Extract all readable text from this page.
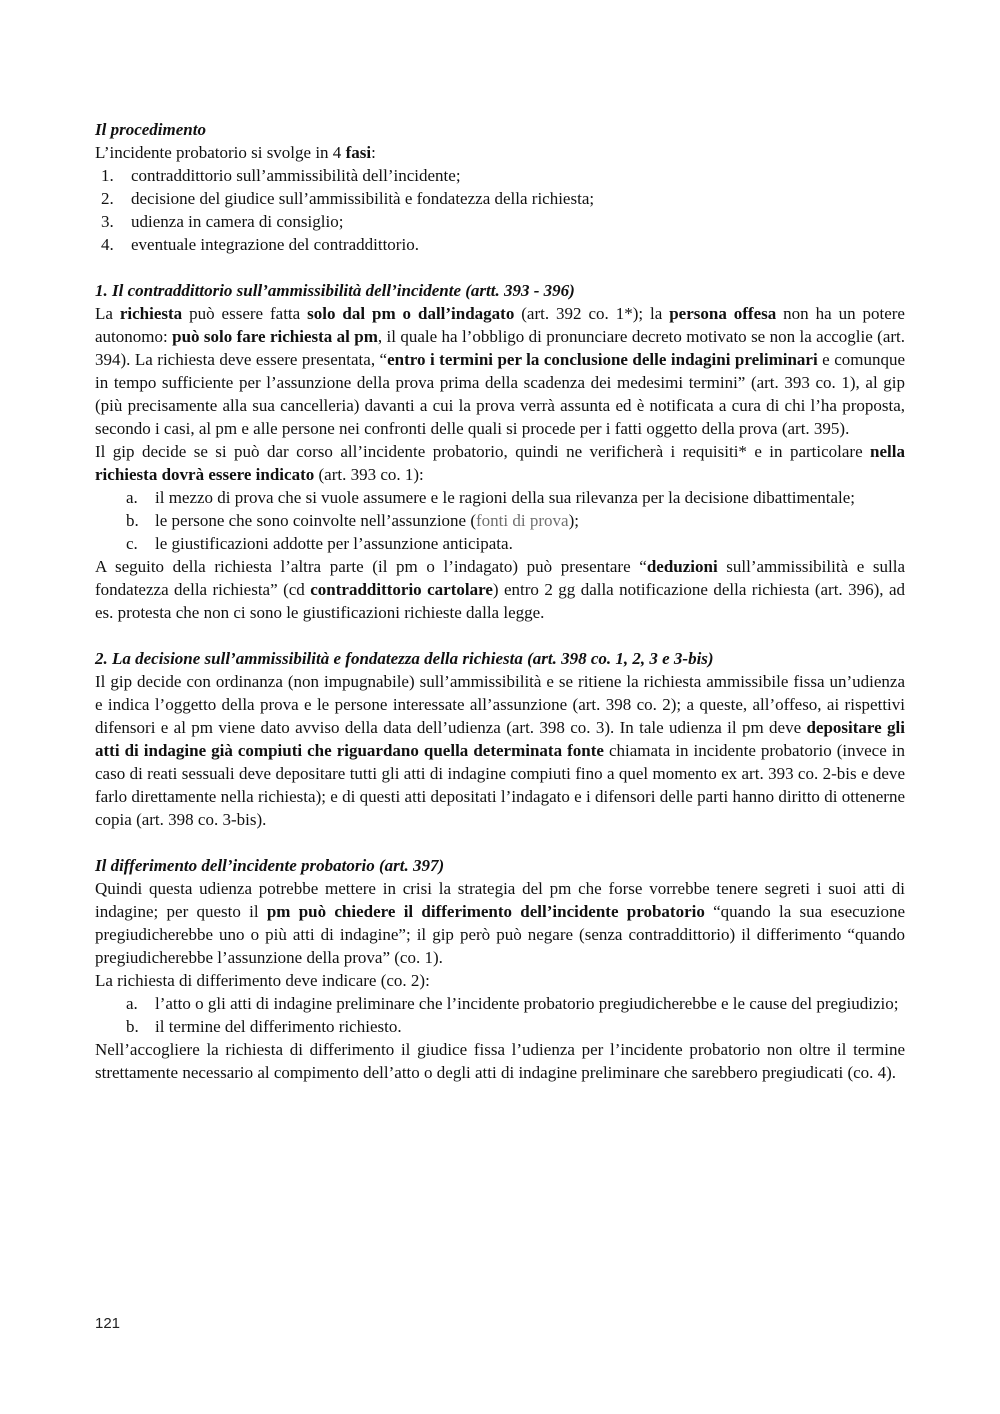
Il procedimento

L’incidente probatorio si svolge in 4 fasi:

1. contraddittorio sull’ammissibilità dell’incidente;
2. decisione del giudice sull’ammissibilità e fondatezza della richiesta;
3. udienza in camera di consiglio;
4. eventuale integrazione del contraddittorio.

1. Il contraddittorio sull’ammissibilità dell’incidente (artt. 393 - 396)

La richiesta può essere fatta solo dal pm o dall’indagato (art. 392 co. 1*); la persona offesa non ha un potere autonomo: può solo fare richiesta al pm, il quale ha l’obbligo di pronunciare decreto motivato se non la accoglie (art. 394). La richiesta deve essere presentata, “entro i termini per la conclusione delle indagini preliminari e comunque in tempo sufficiente per l’assunzione della prova prima della scadenza dei medesimi termini” (art. 393 co. 1), al gip (più precisamente alla sua cancelleria) davanti a cui la prova verrà assunta ed è notificata a cura di chi l’ha proposta, secondo i casi, al pm e alle persone nei confronti delle quali si procede per i fatti oggetto della prova (art. 395).

Il gip decide se si può dar corso all’incidente probatorio, quindi ne verificherà i requisiti* e in particolare nella richiesta dovrà essere indicato (art. 393 co. 1):

a. il mezzo di prova che si vuole assumere e le ragioni della sua rilevanza per la decisione dibattimentale;
b. le persone che sono coinvolte nell’assunzione (fonti di prova);
c. le giustificazioni addotte per l’assunzione anticipata.

A seguito della richiesta l’altra parte (il pm o l’indagato) può presentare “deduzioni sull’ammissibilità e sulla fondatezza della richiesta” (cd contraddittorio cartolare) entro 2 gg dalla notificazione della richiesta (art. 396), ad es. protesta che non ci sono le giustificazioni richieste dalla legge.

2. La decisione sull’ammissibilità e fondatezza della richiesta (art. 398 co. 1, 2, 3 e 3-bis)

Il gip decide con ordinanza (non impugnabile) sull’ammissibilità e se ritiene la richiesta ammissibile fissa un’udienza e indica l’oggetto della prova e le persone interessate all’assunzione (art. 398 co. 2); a queste, all’offeso, ai rispettivi difensori e al pm viene dato avviso della data dell’udienza (art. 398 co. 3). In tale udienza il pm deve depositare gli atti di indagine già compiuti che riguardano quella determinata fonte chiamata in incidente probatorio (invece in caso di reati sessuali deve depositare tutti gli atti di indagine compiuti fino a quel momento ex art. 393 co. 2-bis e deve farlo direttamente nella richiesta); e di questi atti depositati l’indagato e i difensori delle parti hanno diritto di ottenerne copia (art. 398 co. 3-bis).

Il differimento dell’incidente probatorio (art. 397)

Quindi questa udienza potrebbe mettere in crisi la strategia del pm che forse vorrebbe tenere segreti i suoi atti di indagine; per questo il pm può chiedere il differimento dell’incidente probatorio “quando la sua esecuzione pregiudicherebbe uno o più atti di indagine”; il gip però può negare (senza contraddittorio) il differimento “quando pregiudicherebbe l’assunzione della prova” (co. 1).

La richiesta di differimento deve indicare (co. 2):

a. l’atto o gli atti di indagine preliminare che l’incidente probatorio pregiudicherebbe e le cause del pregiudizio;
b. il termine del differimento richiesto.

Nell’accogliere la richiesta di differimento il giudice fissa l’udienza per l’incidente probatorio non oltre il termine strettamente necessario al compimento dell’atto o degli atti di indagine preliminare che sarebbero pregiudicati (co. 4).

121
